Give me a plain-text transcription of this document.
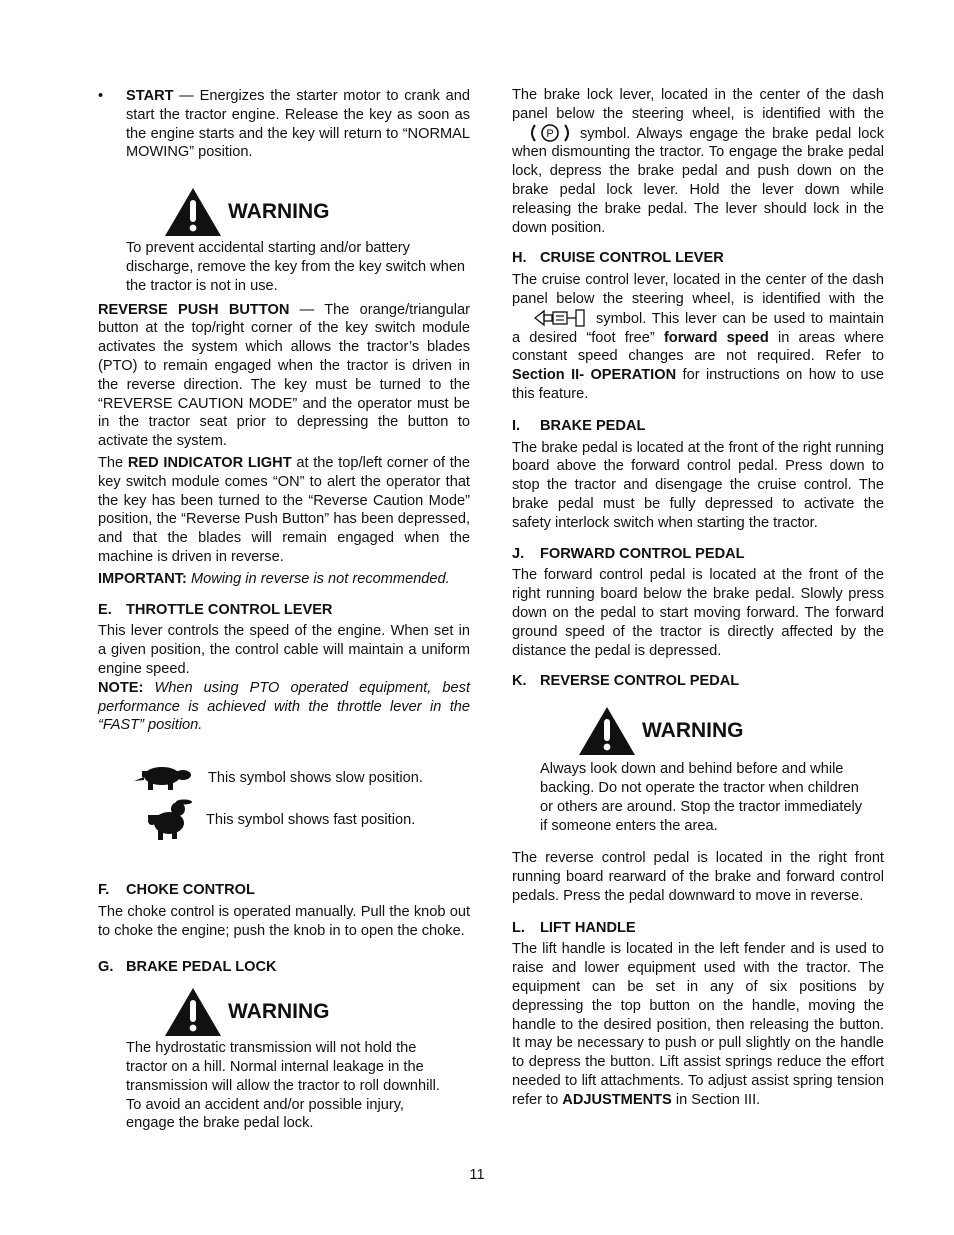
•	START — Energizes the starter motor to crank and start the tractor engine. Release the key as soon as the engine starts and the key will return to “NORMAL MOWING” position.

WARNING

To prevent accidental starting and/or battery discharge, remove the key from the key switch when the tractor is not in use.

REVERSE PUSH BUTTON — The orange/triangular button at the top/right corner of the key switch module activates the system which allows the tractor’s blades (PTO) to remain engaged when the tractor is driven in the reverse direction. The key must be turned to the “REVERSE CAUTION MODE” and the operator must be in the tractor seat prior to depressing the button to activate the system.

The RED INDICATOR LIGHT at the top/left corner of the key switch module comes “ON” to alert the operator that the key has been turned to the “Reverse Caution Mode” position, the “Reverse Push Button” has been depressed, and that the blades will remain engaged when the machine is driven in reverse.

IMPORTANT: Mowing in reverse is not recommended.

E. THROTTLE CONTROL LEVER

This lever controls the speed of the engine. When set in a given position, the control cable will maintain a uniform engine speed.

NOTE: When using PTO operated equipment, best performance is achieved with the throttle lever in the “FAST” position.

This symbol shows slow position.
This symbol shows fast position.

F. CHOKE CONTROL

The choke control is operated manually. Pull the knob out to choke the engine; push the knob in to open the choke.

G. BRAKE PEDAL LOCK

WARNING

The hydrostatic transmission will not hold the tractor on a hill. Normal internal leakage in the transmission will allow the tractor to roll downhill. To avoid an accident and/or possible injury, engage the brake pedal lock.

The brake lock lever, located in the center of the dash panel below the steering wheel, is identified with the
P symbol. Always engage the brake pedal lock when dismounting the tractor. To engage the brake pedal lock, depress the brake pedal and push down on the brake pedal lock lever. Hold the lever down while releasing the brake pedal. The lever should lock in the down position.

H. CRUISE CONTROL LEVER

The cruise control lever, located in the center of the dash panel below the steering wheel, is identified with the symbol. This lever can be used to maintain a desired “foot free” forward speed in areas where constant speed changes are not required. Refer to Section II- OPERATION for instructions on how to use this feature.

I. BRAKE PEDAL

The brake pedal is located at the front of the right running board above the forward control pedal. Press down to stop the tractor and disengage the cruise control. The brake pedal must be fully depressed to activate the safety interlock switch when starting the tractor.

J. FORWARD CONTROL PEDAL

The forward control pedal is located at the front of the right running board below the brake pedal. Slowly press down on the pedal to start moving forward. The forward ground speed of the tractor is directly affected by the distance the pedal is depressed.

K. REVERSE CONTROL PEDAL

WARNING

Always look down and behind before and while backing. Do not operate the tractor when children or others are around. Stop the tractor immediately if someone enters the area.

The reverse control pedal is located in the right front running board rearward of the brake and forward control pedals. Press the pedal downward to move in reverse.

L. LIFT HANDLE

The lift handle is located in the left fender and is used to raise and lower equipment used with the tractor. The equipment can be set in any of six positions by depressing the top button on the handle, moving the handle to the desired position, then releasing the button. It may be necessary to push or pull slightly on the handle to depress the button. Lift assist springs reduce the effort needed to lift attachments. To adjust assist spring tension refer to ADJUSTMENTS in Section III.

11
